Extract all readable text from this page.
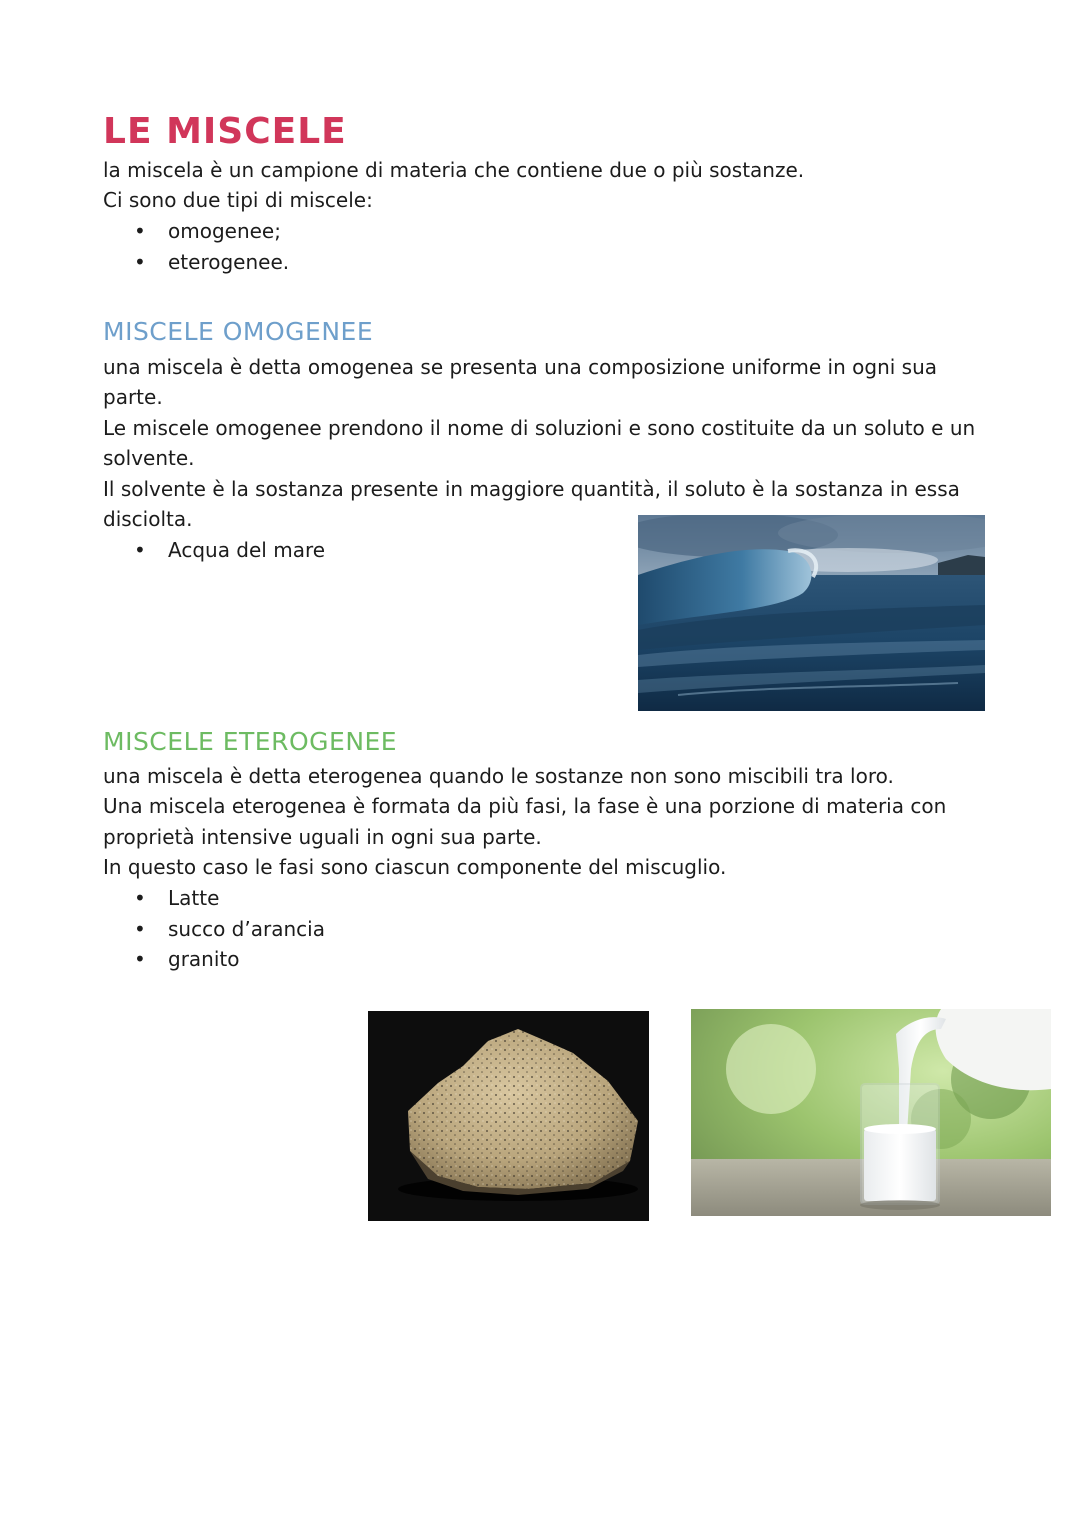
LE MISCELE

la miscela è un campione di materia che contiene due o più sostanze.

Ci sono due tipi di miscele:

• omogenee;
• eterogenee.
MISCELE OMOGENEE

una miscela è detta omogenea se presenta una composizione uniforme in ogni sua

parte.

Le miscele omogenee prendono il nome di soluzioni e sono costituite da un soluto e un

solvente.

Il solvente è la sostanza presente in maggiore quantità, il soluto è la sostanza in essa

disciolta.

• Acqua del mare
MISCELE ETEROGENEE

una miscela è detta eterogenea quando le sostanze non sono miscibili tra loro.

Una miscela eterogenea è formata da più fasi, la fase è una porzione di materia con

proprietà intensive uguali in ogni sua parte.

In questo caso le fasi sono ciascun componente del miscuglio.

• Latte
• succo d’arancia
• granito
